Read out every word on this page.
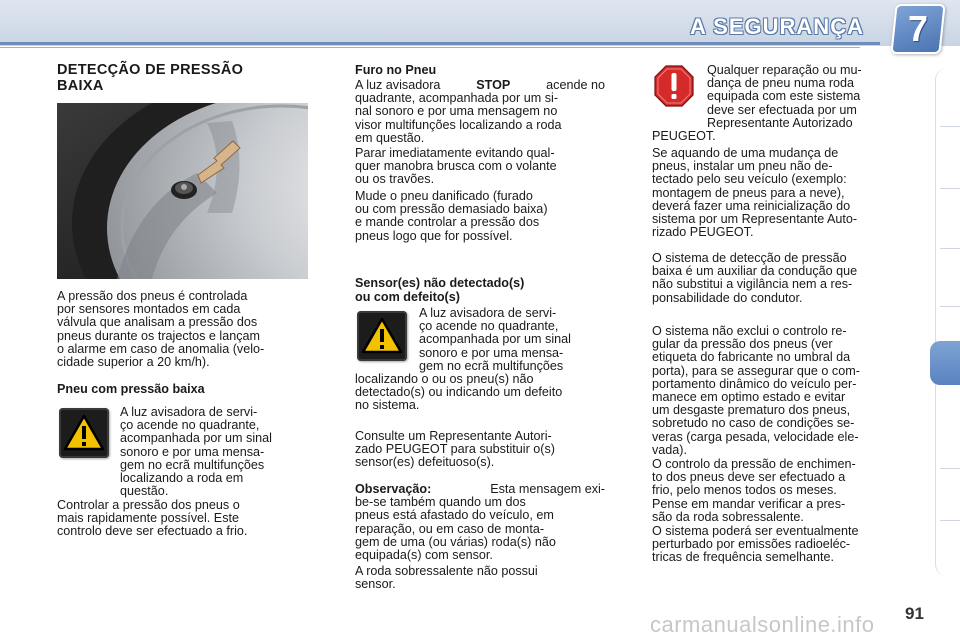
A SEGURANÇA 7
DETECÇÃO DE PRESSÃO
BAIXA
A pressão dos pneus é controlada
por sensores montados em cada
válvula que analisam a pressão dos
pneus durante os trajectos e lançam
o alarme em caso de anomalia (velo-
cidade superior a 20 km/h).
Pneu com pressão baixa
A luz avisadora de servi-
ço acende no quadrante,
acompanhada por um sinal
sonoro e por uma mensa-
gem no ecrã multifunções
localizando a roda em
questão.
Controlar a pressão dos pneus o
mais rapidamente possível. Este
controlo deve ser efectuado a frio.
Furo no Pneu
A luz avisadora	STOP	acende no
quadrante, acompanhada por um si-
nal sonoro e por uma mensagem no
visor multifunções localizando a roda
em questão.
Parar imediatamente evitando qual-
quer manobra brusca com o volante
ou os travões.
Mude o pneu danificado (furado
ou com pressão demasiado baixa)
e mande controlar a pressão dos
pneus logo que for possível.
Sensor(es) não detectado(s)
ou com defeito(s)
A luz avisadora de servi-
ço acende no quadrante,
acompanhada por um sinal
sonoro e por uma mensa-
gem no ecrã multifunções
localizando o ou os pneu(s) não
detectado(s) ou indicando um defeito
no sistema.
Consulte um Representante Autori-
zado PEUGEOT para substituir o(s)
sensor(es) defeituoso(s).
Observação:	Esta mensagem exi-
be-se também quando um dos
pneus está afastado do veículo, em
reparação, ou em caso de monta-
gem de uma (ou várias) roda(s) não
equipada(s) com sensor.
A roda sobressalente não possui
sensor.
Qualquer reparação ou mu-
dança de pneu numa roda
equipada com este sistema
deve ser efectuada por um
Representante Autorizado
PEUGEOT.
Se aquando de uma mudança de
pneus, instalar um pneu não de-
tectado pelo seu veículo (exemplo:
montagem de pneus para a neve),
deverá fazer uma reinicialização do
sistema por um Representante Auto-
rizado PEUGEOT.
O sistema de detecção de pressão
baixa é um auxiliar da condução que
não substitui a vigilância nem a res-
ponsabilidade do condutor.
O sistema não exclui o controlo re-
gular da pressão dos pneus (ver
etiqueta do fabricante no umbral da
porta), para se assegurar que o com-
portamento dinâmico do veículo per-
manece em optimo estado e evitar
um desgaste prematuro dos pneus,
sobretudo no caso de condições se-
veras (carga pesada, velocidade ele-
vada).
O controlo da pressão de enchimen-
to dos pneus deve ser efectuado a
frio, pelo menos todos os meses.
Pense em mandar verificar a pres-
são da roda sobressalente.
O sistema poderá ser eventualmente
perturbado por emissões radioeléc-
tricas de frequência semelhante.
carmanualsonline.info 91
